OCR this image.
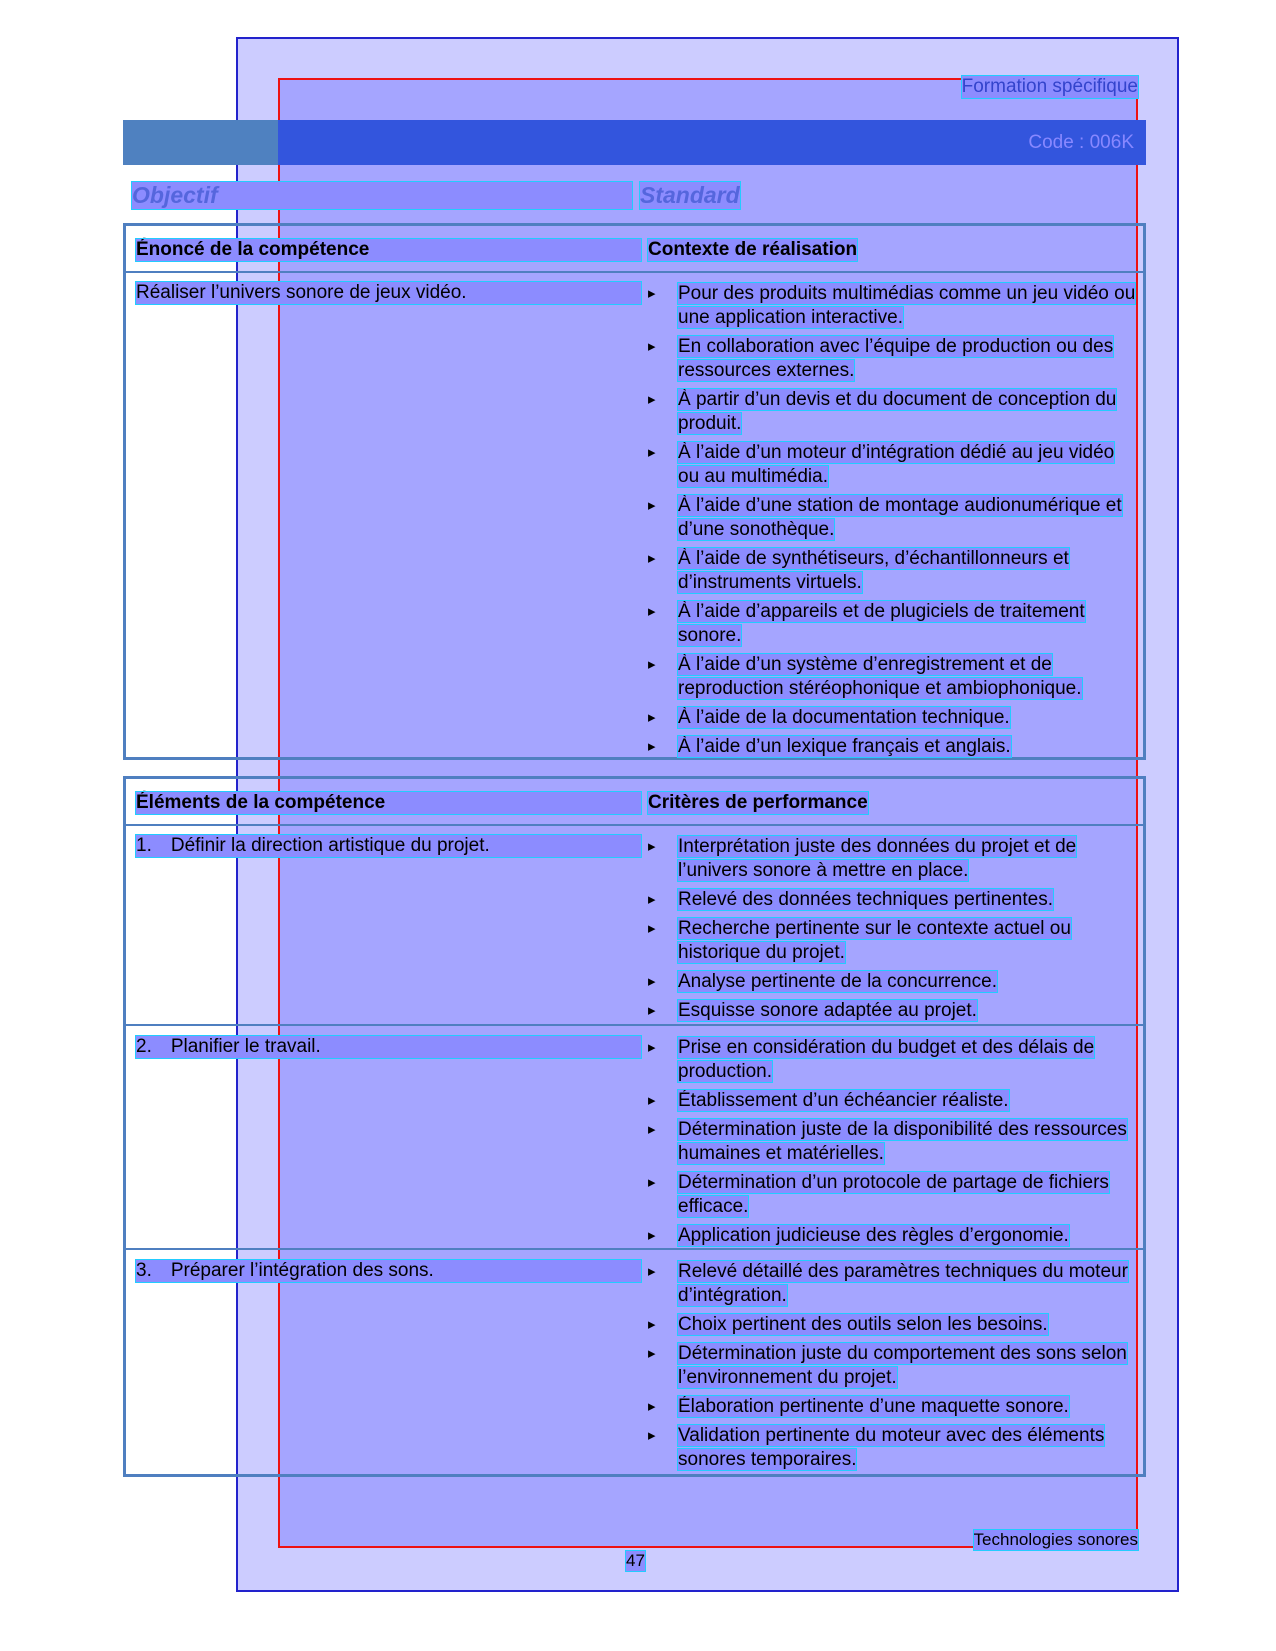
Formation spécifique
Code : 006K
Objectif	Standard
Énoncé de la compétence	Contexte de réalisation
Réaliser l’univers sonore de jeux vidéo.	▸ Pour des produits multimédias comme un jeu vidéo ou une application interactive.
▸ En collaboration avec l’équipe de production ou des ressources externes.
▸ À partir d’un devis et du document de conception du produit.
▸ À l’aide d’un moteur d’intégration dédié au jeu vidéo ou au multimédia.
▸ À l’aide d’une station de montage audionumérique et d’une sonothèque.
▸ À l’aide de synthétiseurs, d’échantillonneurs et d’instruments virtuels.
▸ À l’aide d’appareils et de plugiciels de traitement sonore.
▸ À l’aide d’un système d’enregistrement et de reproduction stéréophonique et ambiophonique.
▸ À l’aide de la documentation technique.
▸ À l’aide d’un lexique français et anglais.
Éléments de la compétence	Critères de performance
1. Définir la direction artistique du projet.	▸ Interprétation juste des données du projet et de l’univers sonore à mettre en place.
▸ Relevé des données techniques pertinentes.
▸ Recherche pertinente sur le contexte actuel ou historique du projet.
▸ Analyse pertinente de la concurrence.
▸ Esquisse sonore adaptée au projet.
2. Planifier le travail.	▸ Prise en considération du budget et des délais de production.
▸ Établissement d’un échéancier réaliste.
▸ Détermination juste de la disponibilité des ressources humaines et matérielles.
▸ Détermination d’un protocole de partage de fichiers efficace.
▸ Application judicieuse des règles d’ergonomie.
3. Préparer l’intégration des sons.	▸ Relevé détaillé des paramètres techniques du moteur d’intégration.
▸ Choix pertinent des outils selon les besoins.
▸ Détermination juste du comportement des sons selon l’environnement du projet.
▸ Élaboration pertinente d’une maquette sonore.
▸ Validation pertinente du moteur avec des éléments sonores temporaires.
Technologies sonores
47
